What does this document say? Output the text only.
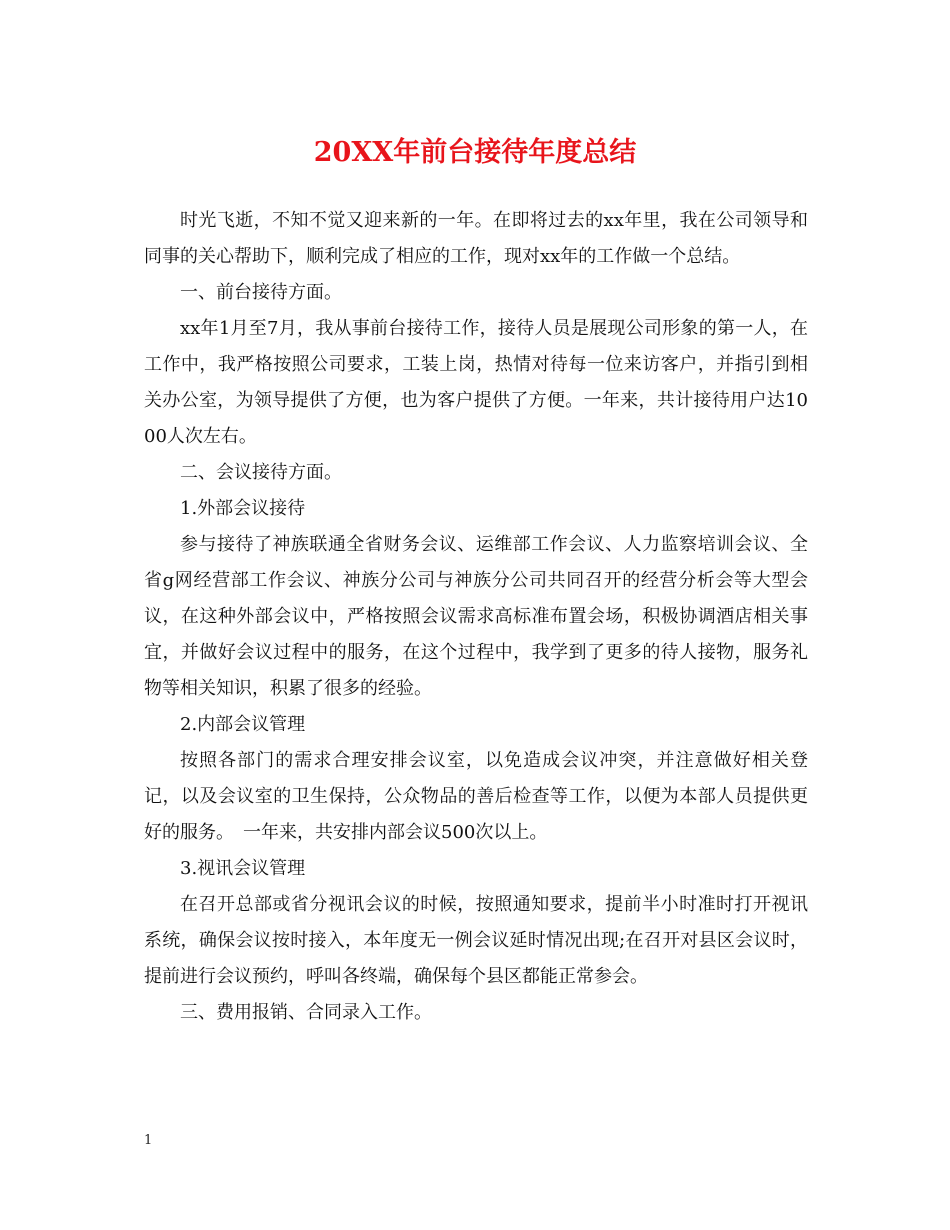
20XX年前台接待年度总结

时光飞逝，不知不觉又迎来新的一年。在即将过去的xx年里，我在公司领导和同事的关心帮助下，顺利完成了相应的工作，现对xx年的工作做一个总结。

一、前台接待方面。

xx年1月至7月，我从事前台接待工作，接待人员是展现公司形象的第一人，在工作中，我严格按照公司要求，工装上岗，热情对待每一位来访客户，并指引到相关办公室，为领导提供了方便，也为客户提供了方便。一年来，共计接待用户达1000人次左右。

二、会议接待方面。

1.外部会议接待

参与接待了神族联通全省财务会议、运维部工作会议、人力监察培训会议、全省g网经营部工作会议、神族分公司与神族分公司共同召开的经营分析会等大型会议，在这种外部会议中，严格按照会议需求高标准布置会场，积极协调酒店相关事宜，并做好会议过程中的服务，在这个过程中，我学到了更多的待人接物，服务礼物等相关知识，积累了很多的经验。

2.内部会议管理

按照各部门的需求合理安排会议室，以免造成会议冲突，并注意做好相关登记，以及会议室的卫生保持，公众物品的善后检查等工作，以便为本部人员提供更好的服务。　一年来，共安排内部会议500次以上。

3.视讯会议管理

在召开总部或省分视讯会议的时候，按照通知要求，提前半小时准时打开视讯系统，确保会议按时接入，本年度无一例会议延时情况出现;在召开对县区会议时，提前进行会议预约，呼叫各终端，确保每个县区都能正常参会。

三、费用报销、合同录入工作。

1
